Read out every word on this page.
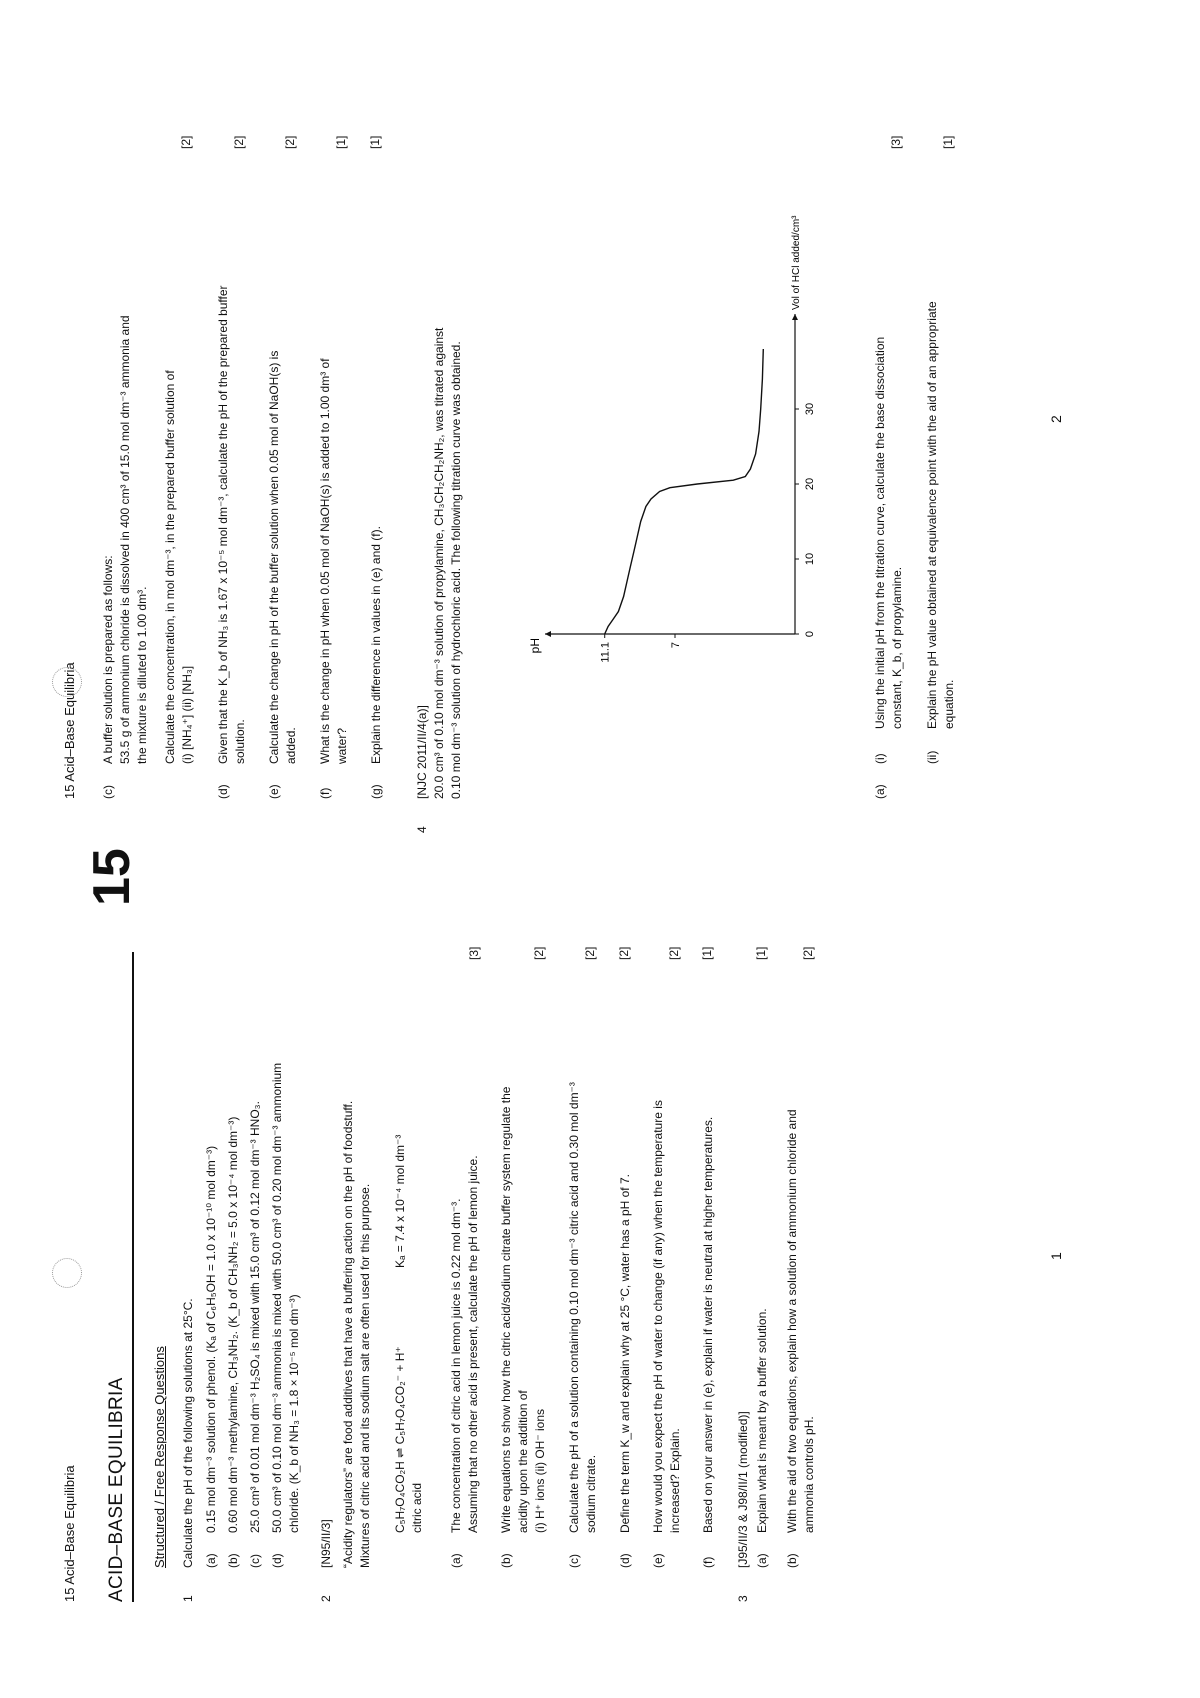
15 Acid–Base Equilibria ACID–BASE EQUILIBRIA
15
Structured / Free Response Questions
1
Calculate the pH of the following solutions at 25°C. (a)
0.15 mol dm⁻³ solution of phenol. (Kₐ of C₆H₅OH = 1.0 x 10⁻¹⁰ mol dm⁻³)
(b)
0.60 mol dm⁻³ methylamine, CH₃NH₂. (K_b of CH₃NH₂ = 5.0 x 10⁻⁴ mol dm⁻³)
(c)
25.0 cm³ of 0.01 mol dm⁻³ H₂SO₄ is mixed with 15.0 cm³ of 0.12 mol dm⁻³ HNO₃.
(d)
50.0 cm³ of 0.10 mol dm⁻³ ammonia is mixed with 50.0 cm³ of 0.20 mol dm⁻³ ammonium chloride. (K_b of NH₃ = 1.8 × 10⁻⁵ mol dm⁻³)
2
[N95/II/3] “Acidity regulators” are food additives that have a buffering action on the pH of foodstuff. Mixtures of citric acid and its sodium salt are often used for this purpose. C₅H₇O₄CO₂H ⇌ C₅H₇O₄CO₂⁻ + H⁺
Kₐ = 7.4 x 10⁻⁴ mol dm⁻³
citric acid
(a)
The concentration of citric acid in lemon juice is 0.22 mol dm⁻³. Assuming that no other acid is present, calculate the pH of lemon juice.
[3]
(b)
Write equations to show how the citric acid/sodium citrate buffer system regulate the acidity upon the addition of (i) H⁺ ions (ii) OH⁻ ions
[2]
(c)
Calculate the pH of a solution containing 0.10 mol dm⁻³ citric acid and 0.30 mol dm⁻³ sodium citrate.
[2]
(d)
Define the term K_w and explain why at 25 °C, water has a pH of 7.
[2]
(e)
How would you expect the pH of water to change (if any) when the temperature is increased? Explain.
[2]
(f)
Based on your answer in (e), explain if water is neutral at higher temperatures.
[1]
3
[J95/II/3 & J98/II/1 (modified)] (a)
Explain what is meant by a buffer solution.
[1]
(b)
With the aid of two equations, explain how a solution of ammonium chloride and ammonia controls pH.
[2]
1
15 Acid–Base Equilibria (c)
A buffer solution is prepared as follows: 53.5 g of ammonium chloride is dissolved in 400 cm³ of 15.0 mol dm⁻³ ammonia and the mixture is diluted to 1.00 dm³. Calculate the concentration, in mol dm⁻³, in the prepared buffer solution of (i) [NH₄⁺] (ii) [NH₃]
[2]
(d)
Given that the K_b of NH₃ is 1.67 x 10⁻⁵ mol dm⁻³, calculate the pH of the prepared buffer solution.
[2]
(e)
Calculate the change in pH of the buffer solution when 0.05 mol of NaOH(s) is added.
[2]
(f)
What is the change in pH when 0.05 mol of NaOH(s) is added to 1.00 dm³ of water?
[1]
(g)
Explain the difference in values in (e) and (f).
[1]
4
[NJC 2011/II/4(a)] 20.0 cm³ of 0.10 mol dm⁻³ solution of propylamine, CH₃CH₂CH₂NH₂, was titrated against 0.10 mol dm⁻³ solution of hydrochloric acid. The following titration curve was obtained.	0
10
20
30
11.1	7
pH
Vol of HCl added/cm³
(a)
(i)
Using the initial pH from the titration curve, calculate the base dissociation constant, K_b, of propylamine.
[3]
(ii)
Explain the pH value obtained at equivalence point with the aid of an appropriate equation.
[1]
2
